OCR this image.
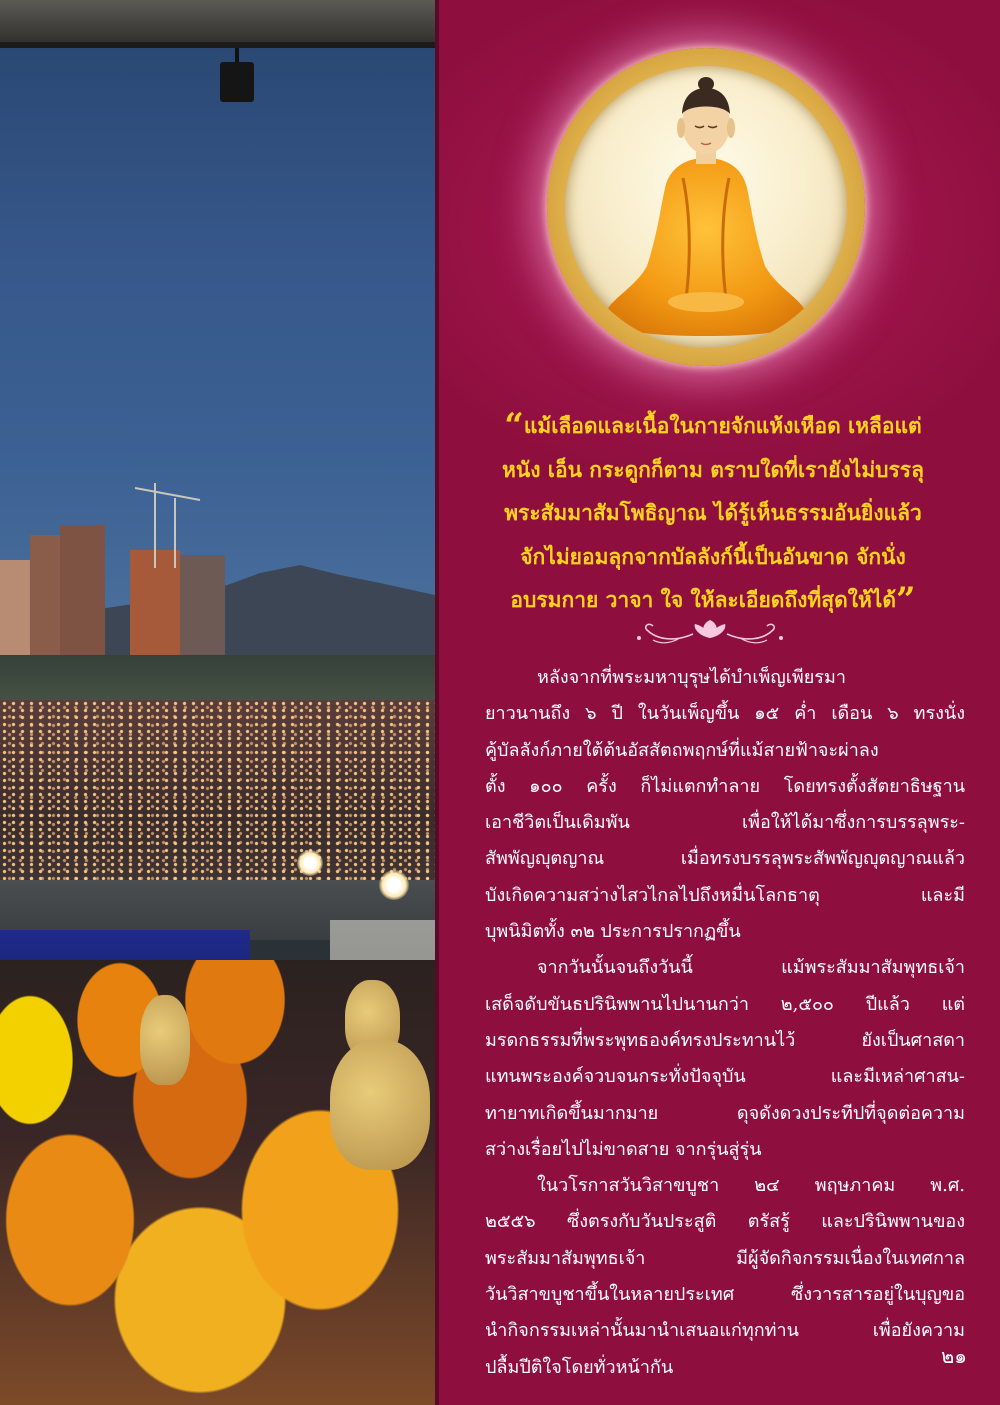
“แม้เลือดและเนื้อในกายจักแห้งเหือด เหลือแต่
หนัง เอ็น กระดูกก็ตาม ตราบใดที่เรายังไม่บรรลุ
พระสัมมาสัมโพธิญาณ ได้รู้เห็นธรรมอันยิ่งแล้ว
จักไม่ยอมลุกจากบัลลังก์นี้เป็นอันขาด จักนั่ง
อบรมกาย วาจา ใจ ให้ละเอียดถึงที่สุดให้ได้”
หลังจากที่พระมหาบุรุษได้บำเพ็ญเพียรมา
ยาวนานถึง ๖ ปี ในวันเพ็ญขึ้น ๑๕ ค่ำ เดือน ๖ ทรงนั่ง
คู้บัลลังก์ภายใต้ต้นอัสสัตถพฤกษ์ที่แม้สายฟ้าจะผ่าลง
ตั้ง ๑๐๐ ครั้ง ก็ไม่แตกทำลาย โดยทรงตั้งสัตยาธิษฐาน
เอาชีวิตเป็นเดิมพัน เพื่อให้ได้มาซึ่งการบรรลุพระ-
สัพพัญญุตญาณ เมื่อทรงบรรลุพระสัพพัญญุตญาณแล้ว
บังเกิดความสว่างไสวไกลไปถึงหมื่นโลกธาตุ และมี
บุพนิมิตทั้ง ๓๒ ประการปรากฏขึ้น
จากวันนั้นจนถึงวันนี้ แม้พระสัมมาสัมพุทธเจ้า
เสด็จดับขันธปรินิพพานไปนานกว่า ๒,๕๐๐ ปีแล้ว แต่
มรดกธรรมที่พระพุทธองค์ทรงประทานไว้ ยังเป็นศาสดา
แทนพระองค์จวบจนกระทั่งปัจจุบัน และมีเหล่าศาสน-
ทายาทเกิดขึ้นมากมาย ดุจดังดวงประทีปที่จุดต่อความ
สว่างเรื่อยไปไม่ขาดสาย จากรุ่นสู่รุ่น
ในวโรกาสวันวิสาขบูชา ๒๔ พฤษภาคม พ.ศ.
๒๕๕๖ ซึ่งตรงกับวันประสูติ ตรัสรู้ และปรินิพพานของ
พระสัมมาสัมพุทธเจ้า มีผู้จัดกิจกรรมเนื่องในเทศกาล
วันวิสาขบูชาขึ้นในหลายประเทศ ซึ่งวารสารอยู่ในบุญขอ
นำกิจกรรมเหล่านั้นมานำเสนอแก่ทุกท่าน เพื่อยังความ
ปลื้มปีติใจโดยทั่วหน้ากัน	๒๑
